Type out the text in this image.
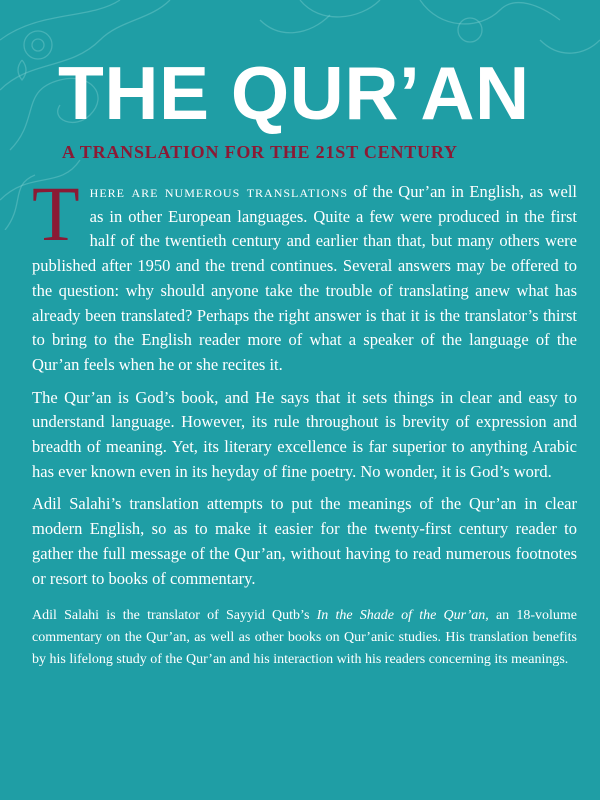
THE QUR’AN
A TRANSLATION FOR THE 21ST CENTURY

There are numerous translations of the Qur’an in English, as well as in other European languages. Quite a few were produced in the first half of the twentieth century and earlier than that, but many others were published after 1950 and the trend continues. Several answers may be offered to the question: why should anyone take the trouble of translating anew what has already been translated? Perhaps the right answer is that it is the translator’s thirst to bring to the English reader more of what a speaker of the language of the Qur’an feels when he or she recites it.

The Qur’an is God’s book, and He says that it sets things in clear and easy to understand language. However, its rule throughout is brevity of expression and breadth of meaning. Yet, its literary excellence is far superior to anything Arabic has ever known even in its heyday of fine poetry. No wonder, it is God’s word.

Adil Salahi’s translation attempts to put the meanings of the Qur’an in clear modern English, so as to make it easier for the twenty-first century reader to gather the full message of the Qur’an, without having to read numerous footnotes or resort to books of commentary.

Adil Salahi is the translator of Sayyid Qutb’s In the Shade of the Qur’an, an 18-volume commentary on the Qur’an, as well as other books on Qur’anic studies. His translation benefits by his lifelong study of the Qur’an and his interaction with his readers concerning its meanings.
